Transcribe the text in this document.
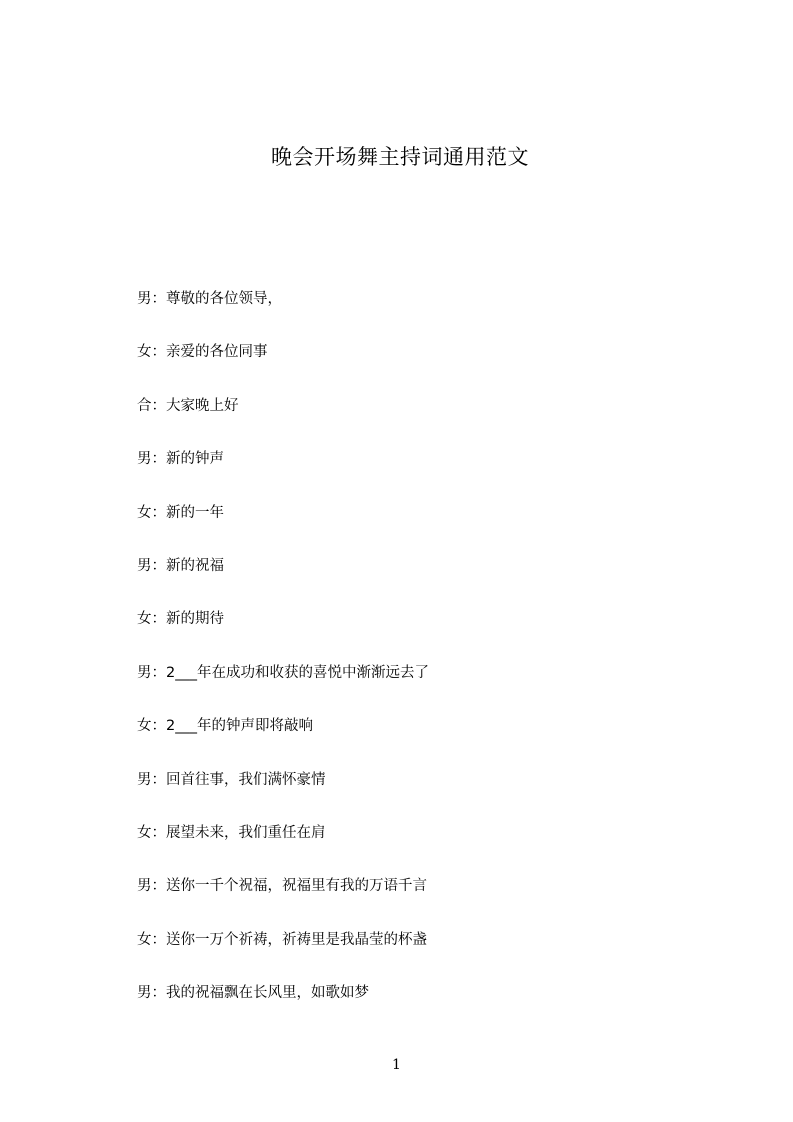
晚会开场舞主持词通用范文
男：尊敬的各位领导，
女：亲爱的各位同事
合：大家晚上好
男：新的钟声
女：新的一年
男：新的祝福
女：新的期待
男：2___年在成功和收获的喜悦中渐渐远去了
女：2___年的钟声即将敲响
男：回首往事，我们满怀豪情
女：展望未来，我们重任在肩
男：送你一千个祝福，祝福里有我的万语千言
女：送你一万个祈祷，祈祷里是我晶莹的杯盏
男：我的祝福飘在长风里，如歌如梦
1
